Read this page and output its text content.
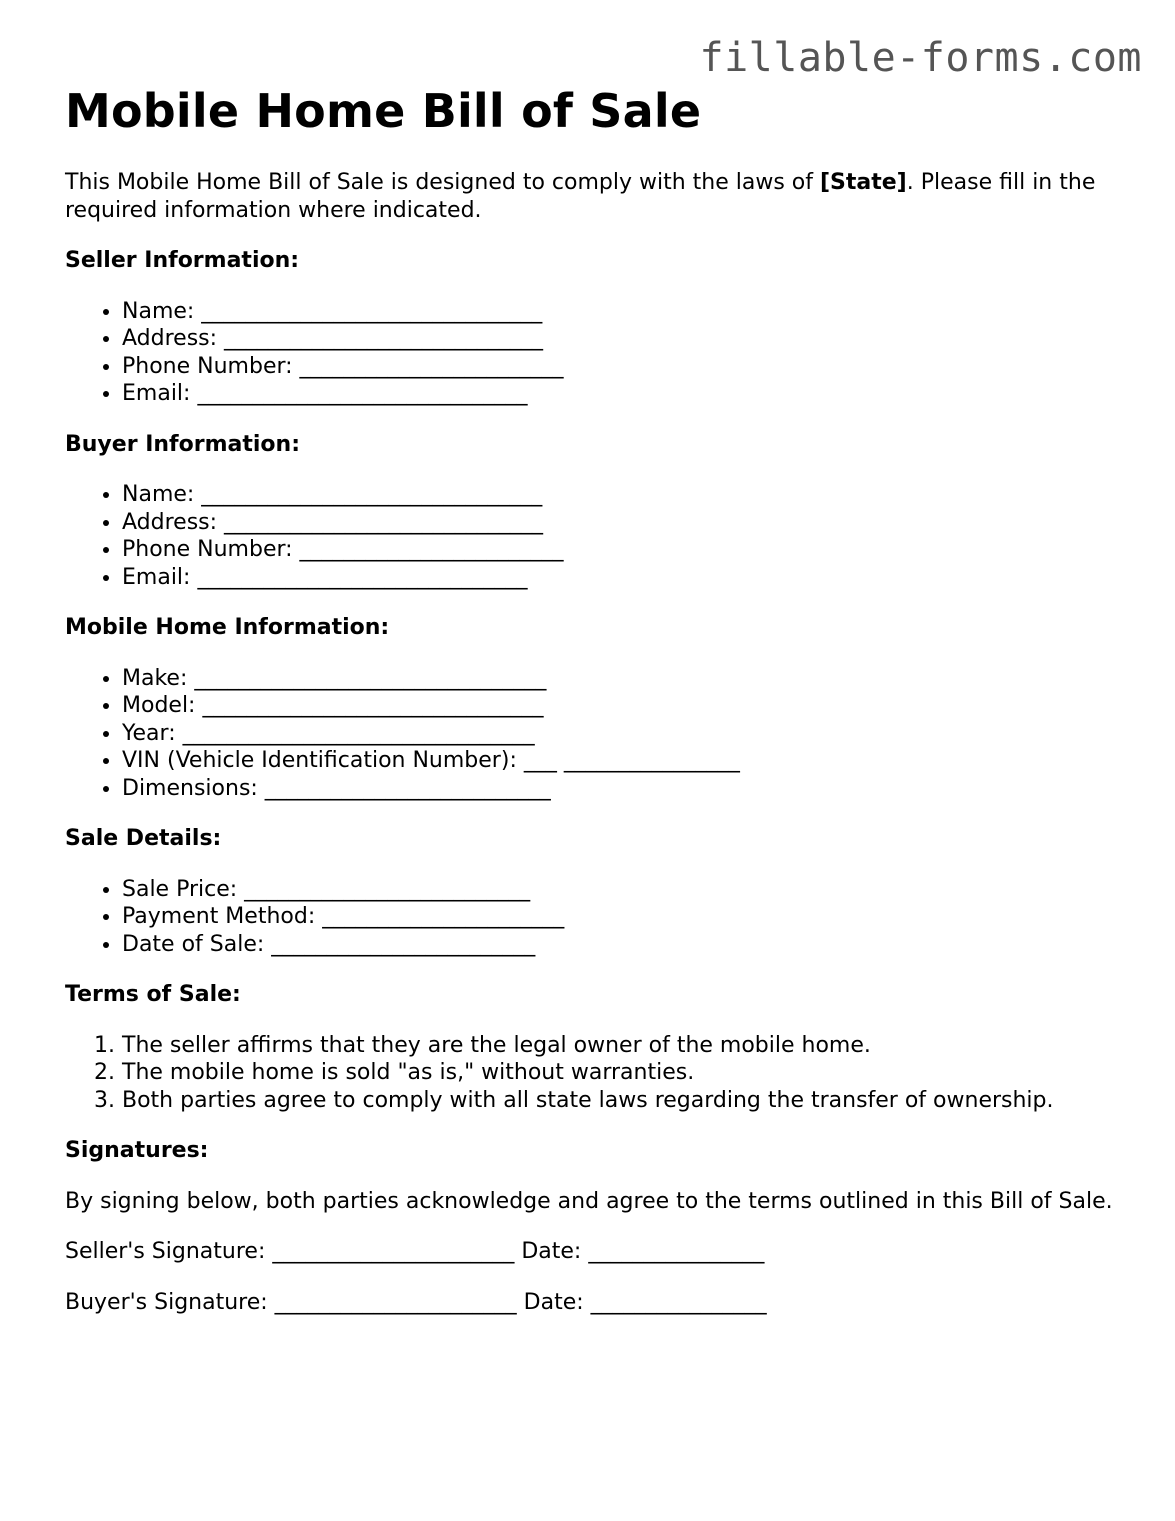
fillable-forms.com
Mobile Home Bill of Sale

This Mobile Home Bill of Sale is designed to comply with the laws of [State]. Please fill in the required information where indicated.

Seller Information:
• Name: _______________________________
• Address: _____________________________
• Phone Number: ________________________
• Email: ______________________________
Buyer Information:
• Name: _______________________________
• Address: _____________________________
• Phone Number: ________________________
• Email: ______________________________
Mobile Home Information:
• Make: ________________________________
• Model: _______________________________
• Year: ________________________________
• VIN (Vehicle Identification Number): ___ ________________
• Dimensions: __________________________
Sale Details:
• Sale Price: __________________________
• Payment Method: ______________________
• Date of Sale: ________________________
Terms of Sale:
1. The seller affirms that they are the legal owner of the mobile home.
2. The mobile home is sold "as is," without warranties.
3. Both parties agree to comply with all state laws regarding the transfer of ownership.
Signatures:

By signing below, both parties acknowledge and agree to the terms outlined in this Bill of Sale.

Seller's Signature: ______________________ Date: ________________

Buyer's Signature: ______________________ Date: ________________
